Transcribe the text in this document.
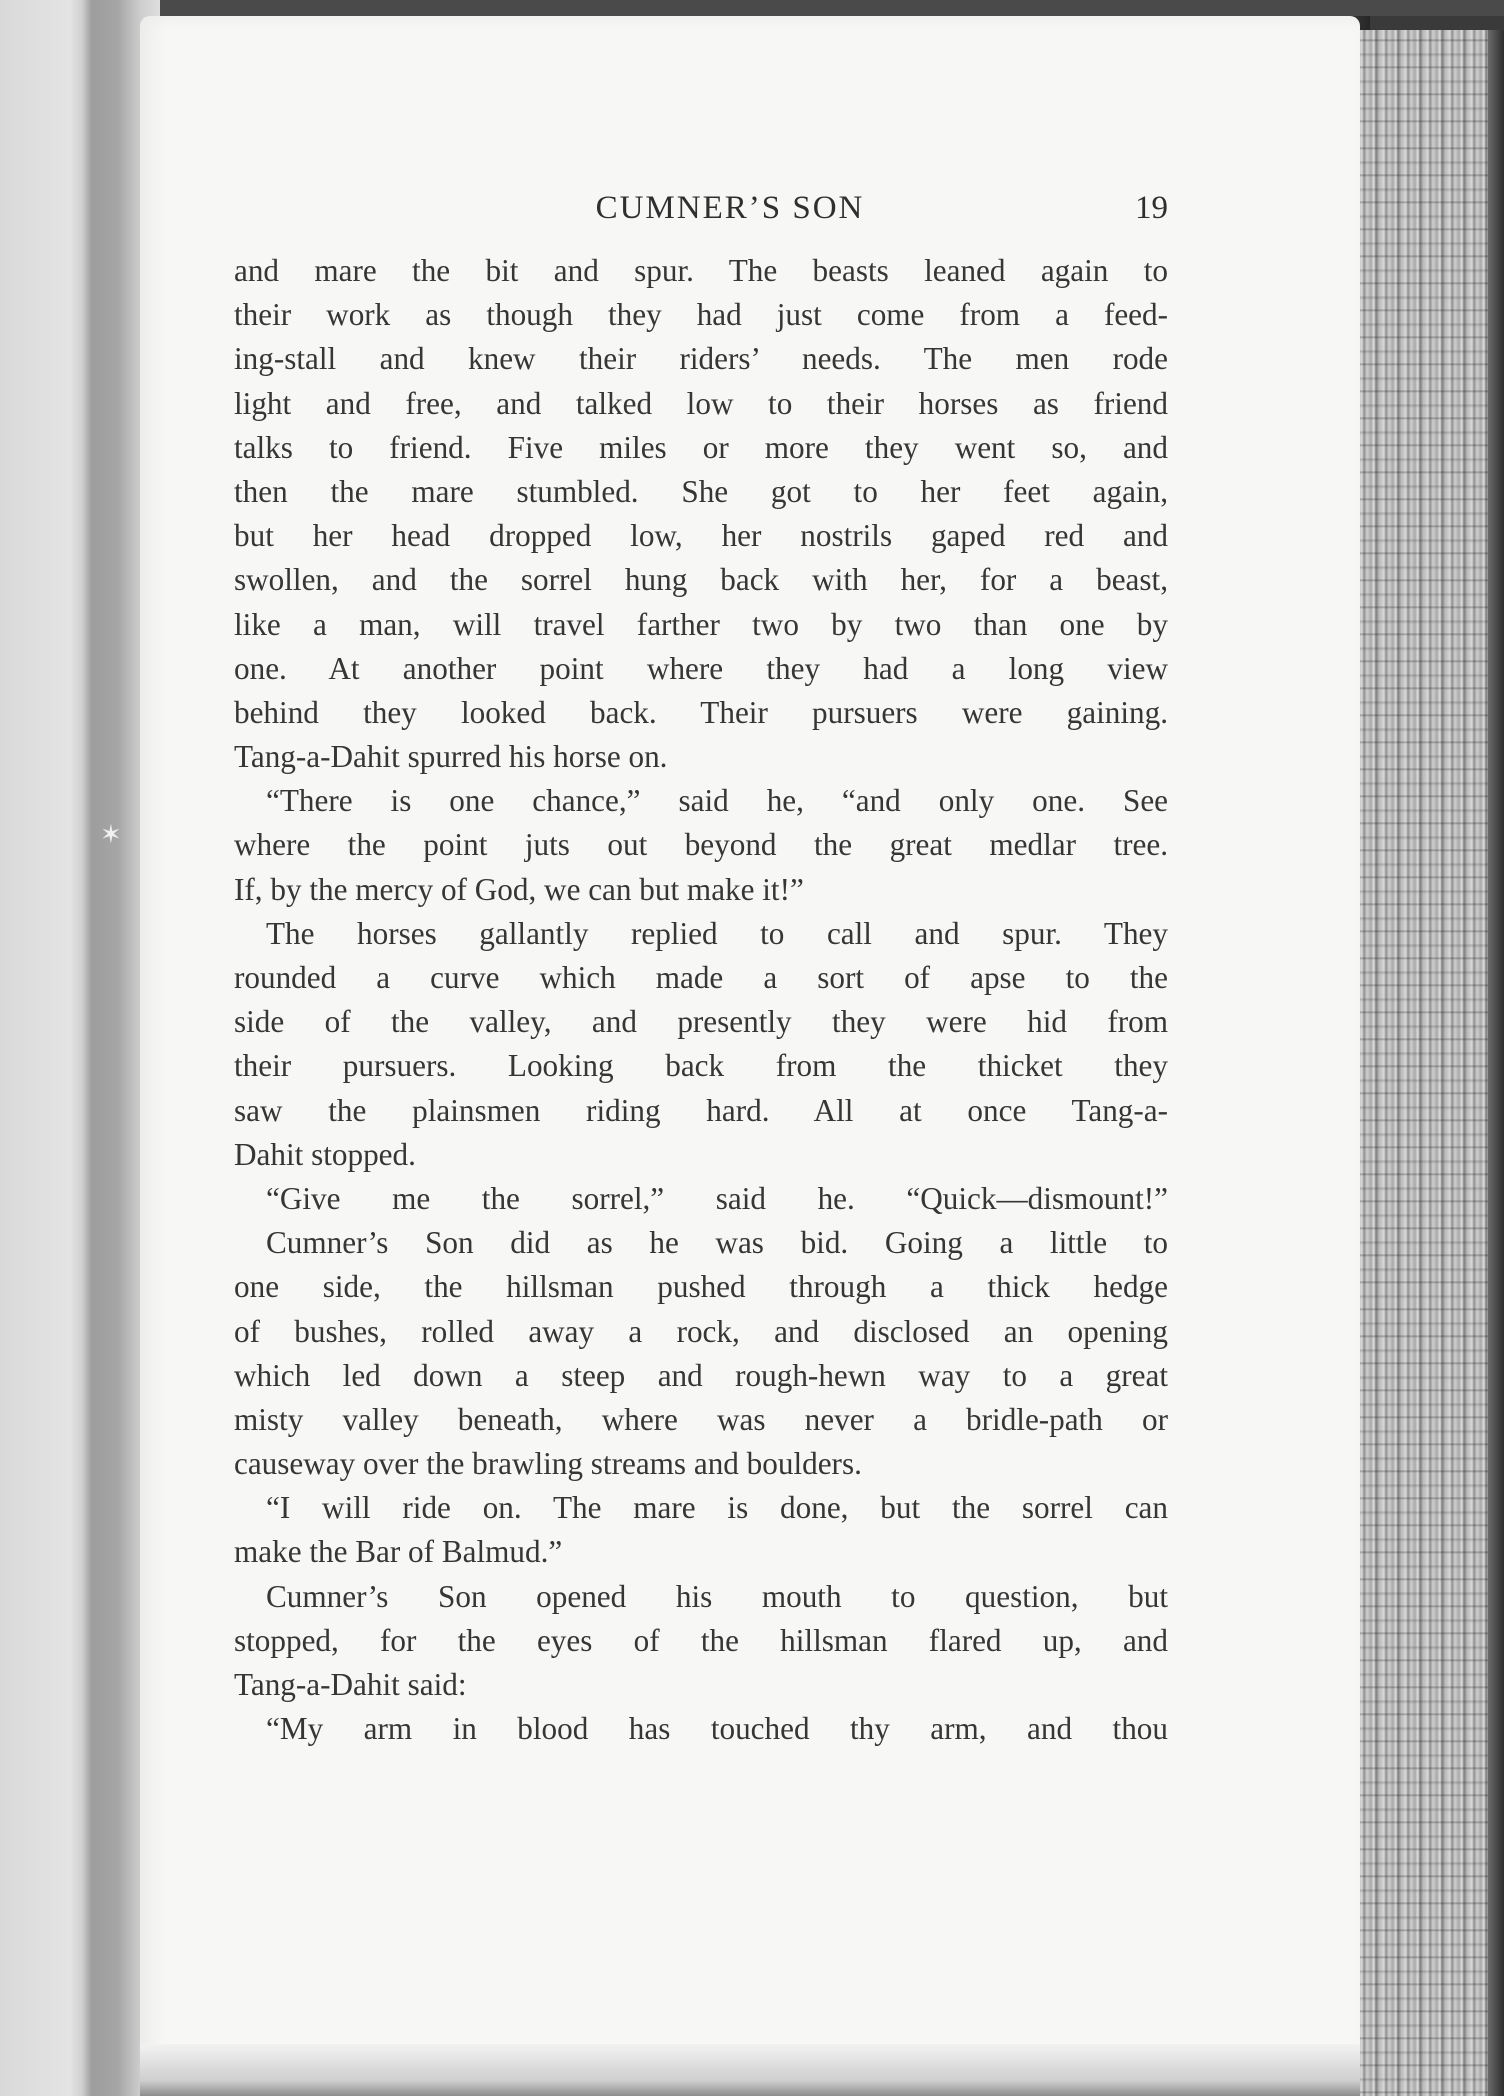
✶
CUMNER’S SON	19
and mare the bit and spur. The beasts leaned again to
their work as though they had just come from a feed-
ing-stall and knew their riders’ needs. The men rode
light and free, and talked low to their horses as friend
talks to friend. Five miles or more they went so, and
then the mare stumbled. She got to her feet again,
but her head dropped low, her nostrils gaped red and
swollen, and the sorrel hung back with her, for a beast,
like a man, will travel farther two by two than one by
one. At another point where they had a long view
behind they looked back. Their pursuers were gaining.
Tang-a-Dahit spurred his horse on.
“There is one chance,” said he, “and only one. See
where the point juts out beyond the great medlar tree.
If, by the mercy of God, we can but make it!”
The horses gallantly replied to call and spur. They
rounded a curve which made a sort of apse to the
side of the valley, and presently they were hid from
their pursuers. Looking back from the thicket they
saw the plainsmen riding hard. All at once Tang-a-
Dahit stopped.
“Give me the sorrel,” said he. “Quick—dismount!”
Cumner’s Son did as he was bid. Going a little to
one side, the hillsman pushed through a thick hedge
of bushes, rolled away a rock, and disclosed an opening
which led down a steep and rough-hewn way to a great
misty valley beneath, where was never a bridle-path or
causeway over the brawling streams and boulders.
“I will ride on. The mare is done, but the sorrel can
make the Bar of Balmud.”
Cumner’s Son opened his mouth to question, but
stopped, for the eyes of the hillsman flared up, and
Tang-a-Dahit said:
“My arm in blood has touched thy arm, and thou
